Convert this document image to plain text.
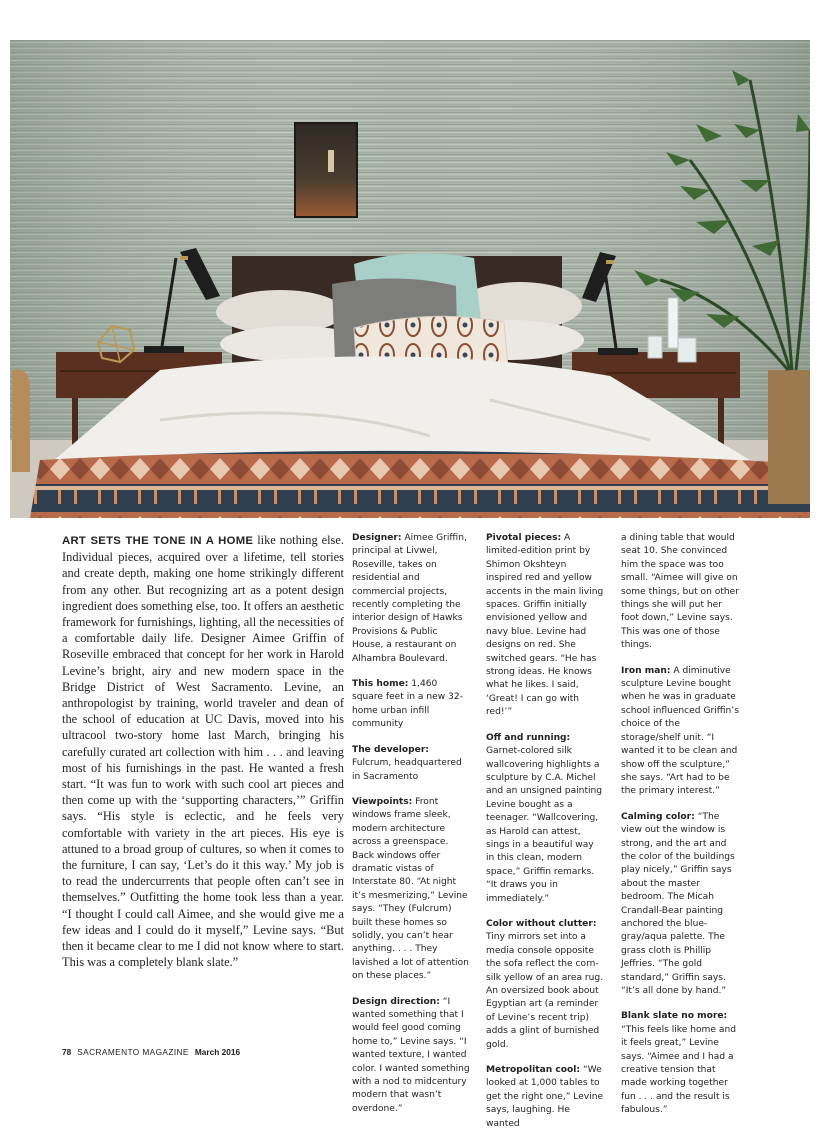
ART SETS THE TONE IN A HOME like nothing else. Individual pieces, acquired over a lifetime, tell stories and create depth, making one home strikingly different from any other. But recognizing art as a potent design ingredient does something else, too. It offers an aesthetic framework for furnishings, lighting, all the necessities of a comfortable daily life. Designer Aimee Griffin of Roseville embraced that concept for her work in Harold Levine’s bright, airy and new modern space in the Bridge District of West Sacramento. Levine, an anthropologist by training, world traveler and dean of the school of education at UC Davis, moved into his ultracool two-story home last March, bringing his carefully curated art collection with him . . . and leaving most of his furnishings in the past. He wanted a fresh start. “It was fun to work with such cool art pieces and then come up with the ‘supporting characters,’” Griffin says. “His style is eclectic, and he feels very comfortable with variety in the art pieces. His eye is attuned to a broad group of cultures, so when it comes to the furniture, I can say, ‘Let’s do it this way.’ My job is to read the undercurrents that people often can’t see in themselves.” Outfitting the home took less than a year. “I thought I could call Aimee, and she would give me a few ideas and I could do it myself,” Levine says. “But then it became clear to me I did not know where to start. This was a completely blank slate.”

Designer: Aimee Griffin, principal at Livwel, Roseville, takes on residential and commercial projects, recently completing the interior design of Hawks Provisions & Public House, a restaurant on Alhambra Boulevard.

This home: 1,460 square feet in a new 32-home urban infill community

The developer: Fulcrum, headquartered in Sacramento

Viewpoints: Front windows frame sleek, modern architecture across a greenspace. Back windows offer dramatic vistas of Interstate 80. “At night it’s mesmerizing,” Levine says. “They (Fulcrum) built these homes so solidly, you can’t hear anything. . . . They lavished a lot of attention on these places.”

Design direction: “I wanted something that I would feel good coming home to,” Levine says. “I wanted texture, I wanted color. I wanted something with a nod to midcentury modern that wasn’t overdone.”

Pivotal pieces: A limited-edition print by Shimon Okshteyn inspired red and yellow accents in the main living spaces. Griffin initially envisioned yellow and navy blue. Levine had designs on red. She switched gears. “He has strong ideas. He knows what he likes. I said, ‘Great! I can go with red!’”

Off and running: Garnet-colored silk wallcovering highlights a sculpture by C.A. Michel and an unsigned painting Levine bought as a teenager. “Wallcovering, as Harold can attest, sings in a beautiful way in this clean, modern space,” Griffin remarks. “It draws you in immediately.”

Color without clutter: Tiny mirrors set into a media console opposite the sofa reflect the corn-silk yellow of an area rug. An oversized book about Egyptian art (a reminder of Levine’s recent trip) adds a glint of burnished gold.

Metropolitan cool: “We looked at 1,000 tables to get the right one,” Levine says, laughing. He wanted

a dining table that would seat 10. She convinced him the space was too small. “Aimee will give on some things, but on other things she will put her foot down,” Levine says. This was one of those things.

Iron man: A diminutive sculpture Levine bought when he was in graduate school influenced Griffin’s choice of the storage/shelf unit. “I wanted it to be clean and show off the sculpture,” she says. “Art had to be the primary interest.”

Calming color: “The view out the window is strong, and the art and the color of the buildings play nicely,” Griffin says about the master bedroom. The Micah Crandall-Bear painting anchored the blue-gray/aqua palette. The grass cloth is Phillip Jeffries. “The gold standard,” Griffin says. “It’s all done by hand.”

Blank slate no more: “This feels like home and it feels great,” Levine says. “Aimee and I had a creative tension that made working together fun . . . and the result is fabulous.”

78 SACRAMENTO MAGAZINE March 2016
